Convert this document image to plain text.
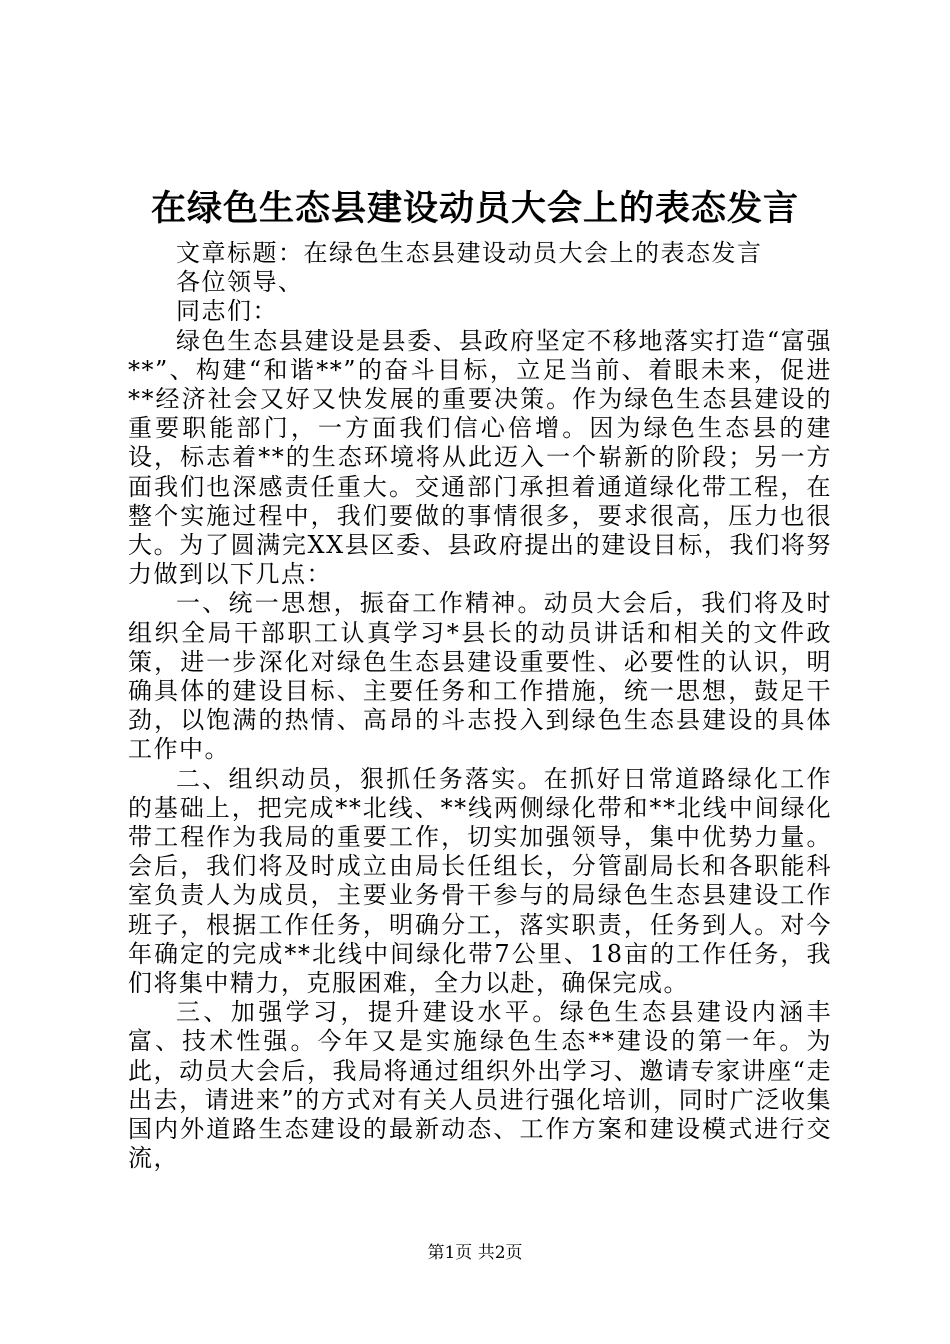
在绿色生态县建设动员大会上的表态发言

文章标题：在绿色生态县建设动员大会上的表态发言

各位领导、

同志们：

绿色生态县建设是县委、县政府坚定不移地落实打造“富强**”、构建“和谐**”的奋斗目标，立足当前、着眼未来，促进**经济社会又好又快发展的重要决策。作为绿色生态县建设的重要职能部门，一方面我们信心倍增。因为绿色生态县的建设，标志着**的生态环境将从此迈入一个崭新的阶段；另一方面我们也深感责任重大。交通部门承担着通道绿化带工程，在整个实施过程中，我们要做的事情很多，要求很高，压力也很大。为了圆满完XX县区委、县政府提出的建设目标，我们将努力做到以下几点：

一、统一思想，振奋工作精神。动员大会后，我们将及时组织全局干部职工认真学习*县长的动员讲话和相关的文件政策，进一步深化对绿色生态县建设重要性、必要性的认识，明确具体的建设目标、主要任务和工作措施，统一思想，鼓足干劲，以饱满的热情、高昂的斗志投入到绿色生态县建设的具体工作中。

二、组织动员，狠抓任务落实。在抓好日常道路绿化工作的基础上，把完成**北线、**线两侧绿化带和**北线中间绿化带工程作为我局的重要工作，切实加强领导，集中优势力量。会后，我们将及时成立由局长任组长，分管副局长和各职能科室负责人为成员，主要业务骨干参与的局绿色生态县建设工作班子，根据工作任务，明确分工，落实职责，任务到人。对今年确定的完成**北线中间绿化带7公里、18亩的工作任务，我们将集中精力，克服困难，全力以赴，确保完成。

三、加强学习，提升建设水平。绿色生态县建设内涵丰富、技术性强。今年又是实施绿色生态**建设的第一年。为此，动员大会后，我局将通过组织外出学习、邀请专家讲座“走出去，请进来”的方式对有关人员进行强化培训，同时广泛收集国内外道路生态建设的最新动态、工作方案和建设模式进行交流，

第1页 共2页
